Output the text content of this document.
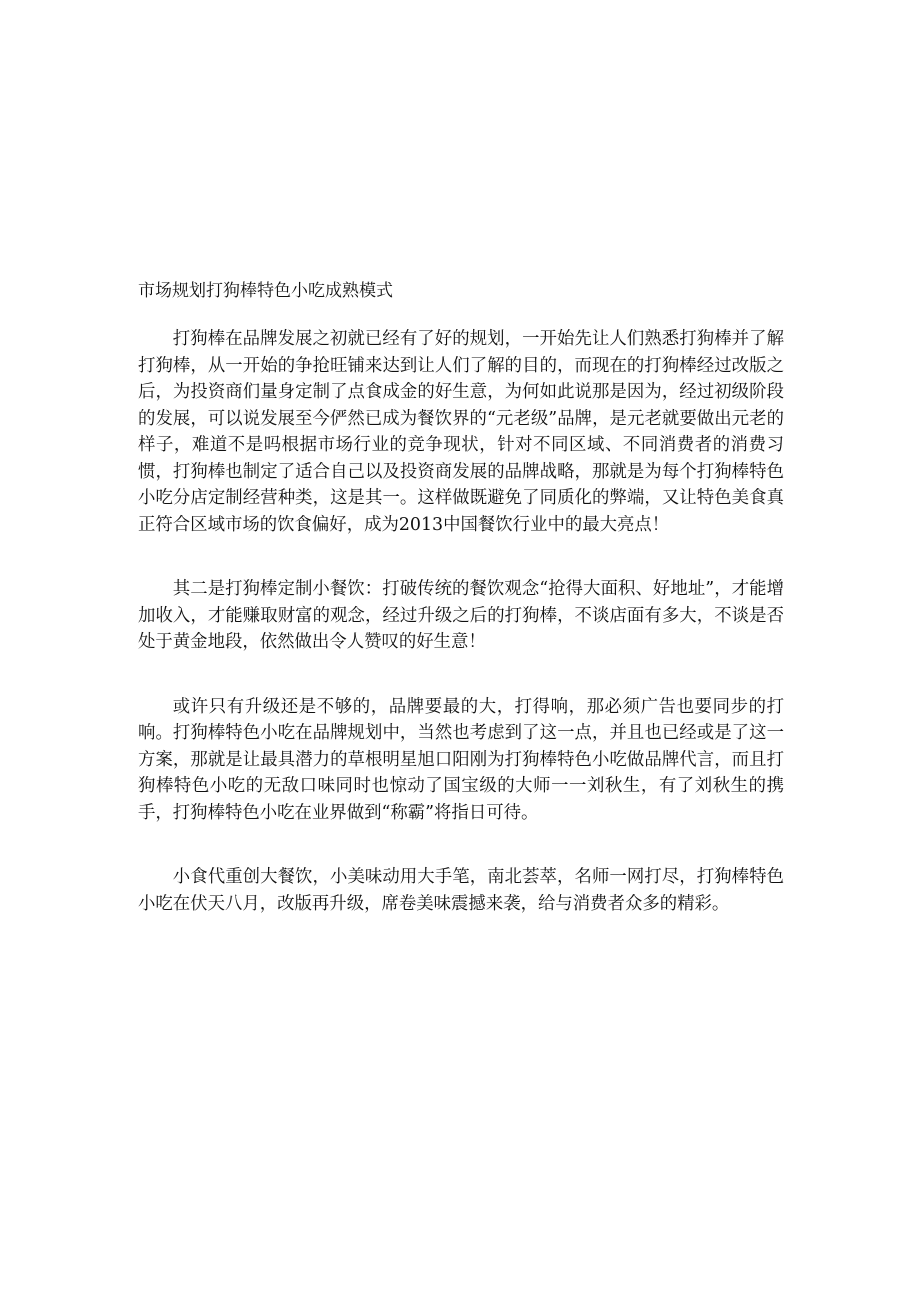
市场规划打狗棒特色小吃成熟模式

打狗棒在品牌发展之初就已经有了好的规划，一开始先让人们熟悉打狗棒并了解打狗棒，从一开始的争抢旺铺来达到让人们了解的目的，而现在的打狗棒经过改版之后，为投资商们量身定制了点食成金的好生意，为何如此说那是因为，经过初级阶段的发展，可以说发展至今俨然已成为餐饮界的“元老级”品牌，是元老就要做出元老的样子，难道不是吗根据市场行业的竞争现状，针对不同区域、不同消费者的消费习惯，打狗棒也制定了适合自己以及投资商发展的品牌战略，那就是为每个打狗棒特色小吃分店定制经营种类，这是其一。这样做既避免了同质化的弊端，又让特色美食真正符合区域市场的饮食偏好，成为2013中国餐饮行业中的最大亮点！

其二是打狗棒定制小餐饮：打破传统的餐饮观念“抢得大面积、好地址”，才能增加收入，才能赚取财富的观念，经过升级之后的打狗棒，不谈店面有多大，不谈是否处于黄金地段，依然做出令人赞叹的好生意！

或许只有升级还是不够的，品牌要最的大，打得响，那必须广告也要同步的打响。打狗棒特色小吃在品牌规划中，当然也考虑到了这一点，并且也已经或是了这一方案，那就是让最具潜力的草根明星旭口阳刚为打狗棒特色小吃做品牌代言，而且打狗棒特色小吃的无敌口味同时也惊动了国宝级的大师一一刘秋生，有了刘秋生的携手，打狗棒特色小吃在业界做到“称霸”将指日可待。

小食代重创大餐饮，小美味动用大手笔，南北荟萃，名师一网打尽，打狗棒特色小吃在伏天八月，改版再升级，席卷美味震撼来袭，给与消费者众多的精彩。
